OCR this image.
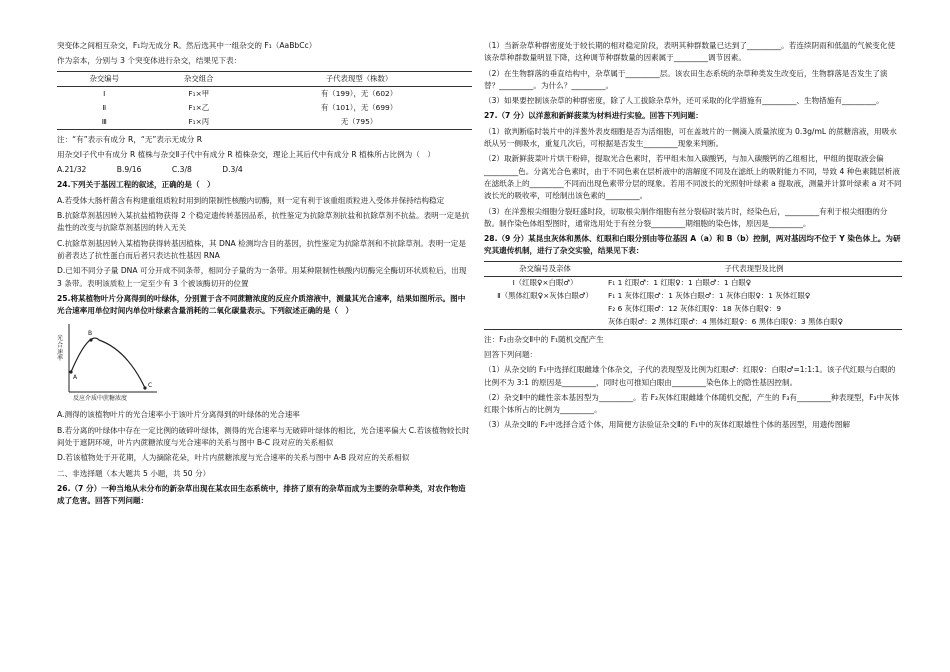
突变体之间相互杂交，F₁均无成分 R。然后选其中一组杂交的 F₁（AaBbCc）

作为亲本，分别与 3 个突变体进行杂交，结果见下表：

杂交编号	杂交组合	子代表现型（株数）
Ⅰ	F₁×甲	有（199），无（602）
Ⅱ	F₁×乙	有（101），无（699）
Ⅲ	F₁×丙	无（795）

注：“有”表示有成分 R，“无”表示无成分 R

用杂交Ⅰ子代中有成分 R 植株与杂交Ⅱ子代中有成分 R 植株杂交，理论上其后代中有成分 R 植株所占比例为（　）

A.21/32	B.9/16	C.3/8	D.3/4

24.下列关于基因工程的叙述，正确的是（　）

A.若受体大肠杆菌含有构建重组质粒时用到的限制性核酸内切酶，则一定有利于该重组质粒进入受体并保持结构稳定

B.抗除草剂基因转入某抗盐植物获得 2 个稳定遗传转基因品系，抗性鉴定为抗除草剂抗盐和抗除草剂不抗盐。表明一定是抗盐性的改变与抗除草剂基因的转入无关

C.抗除草剂基因转入某植物获得转基因植株，其 DNA 检测均含目的基因，抗性鉴定为抗除草剂和不抗除草剂。表明一定是前者表达了抗性蛋白而后者只表达抗性基因 RNA

D.已知不同分子量 DNA 可分开成不同条带，相同分子量的为一条带。用某种限制性核酸内切酶完全酶切环状质粒后，出现 3 条带。表明该质粒上一定至少有 3 个被该酶切开的位置

25.将某植物叶片分离得到的叶绿体，分别置于含不同蔗糖浓度的反应介质溶液中，测量其光合速率，结果如图所示。图中光合速率用单位时间内单位叶绿素含量消耗的二氧化碳量表示。下列叙述正确的是（　）

光合速率
反应介质中蔗糖浓度
A
B
C

A.测得的该植物叶片的光合速率小于该叶片分离得到的叶绿体的光合速率

B.若分离的叶绿体中存在一定比例的破碎叶绿体，测得的光合速率与无破碎叶绿体的相比，光合速率偏大 C.若该植物较长时间处于遮阴环境，叶片内蔗糖浓度与光合速率的关系与图中 B-C 段对应的关系相似

D.若该植物处于开花期，人为摘除花朵，叶片内蔗糖浓度与光合速率的关系与图中 A-B 段对应的关系相似

二、非选择题（本大题共 5 小题，共 50 分）

26.（7 分）一种当地从未分布的新杂草出现在某农田生态系统中，排挤了原有的杂草而成为主要的杂草种类，对农作物造成了危害。回答下列问题：

（1）当新杂草种群密度处于较长期的相对稳定阶段，表明其种群数量已达到了_________。若连续阴雨和低温的气候变化使该杂草种群数量明显下降，这种调节种群数量的因素属于_________调节因素。

（2）在生物群落的垂直结构中，杂草属于_________层。该农田生态系统的杂草种类发生改变后，生物群落是否发生了演替？_________。为什么？_________。

（3）如果要控制该杂草的种群密度，除了人工拔除杂草外，还可采取的化学措施有_________、生物措施有_________。

27.（7 分）以洋葱和新鲜菠菜为材料进行实验。回答下列问题：

（1）欲判断临时装片中的洋葱外表皮细胞是否为活细胞，可在盖玻片的一侧滴入质量浓度为 0.3g/mL 的蔗糖溶液，用吸水纸从另一侧吸水，重复几次后，可根据是否发生_________现象来判断。

（2）取新鲜菠菜叶片烘干粉碎，提取光合色素时，若甲组未加入碳酸钙，与加入碳酸钙的乙组相比，甲组的提取液会偏_________色。分离光合色素时，由于不同色素在层析液中的溶解度不同及在滤纸上的吸附能力不同，导致 4 种色素随层析液在滤纸条上的_________不同而出现色素带分层的现象。若用不同波长的光照射叶绿素 a 提取液，测量并计算叶绿素 a 对不同波长光的吸收率，可绘制出该色素的_________。

（3）在洋葱根尖细胞分裂旺盛时段，切取根尖制作细胞有丝分裂临时装片时，经染色后，_________有利于根尖细胞的分散。制作染色体组型图时，通常选用处于有丝分裂_________期细胞的染色体，原因是_________。

28.（9 分）某昆虫灰体和黑体、红眼和白眼分别由等位基因 A（a）和 B（b）控制，两对基因均不位于 Y 染色体上。为研究其遗传机制，进行了杂交实验，结果见下表：

杂交编号及亲体	子代表现型及比例
Ⅰ（红眼♀×白眼♂）	F₁ 1 红眼♂：1 红眼♀：1 白眼♂：1 白眼♀

Ⅱ（黑体红眼♀×灰体白眼♂）	F₁ 1 灰体红眼♂：1 灰体白眼♂：1 灰体白眼♀：1 灰体红眼♀
F₂ 6 灰体红眼♂：12 灰体红眼♀：18 灰体白眼♀：9
灰体白眼♂：2 黑体红眼♂：4 黑体红眼♀：6 黑体白眼♀：3 黑体白眼♀

注：F₂由杂交Ⅱ中的 F₁随机交配产生

回答下列问题：

（1）从杂交Ⅰ的 F₁中选择红眼雌雄个体杂交，子代的表现型及比例为红眼♂：红眼♀：白眼♂=1:1:1。该子代红眼与白眼的比例不为 3:1 的原因是_________，同时也可推知白眼由_________染色体上的隐性基因控制。

（2）杂交Ⅱ中的雌性亲本基因型为_________。若 F₂灰体红眼雌雄个体随机交配，产生的 F₃有_________种表现型，F₃中灰体红眼个体所占的比例为_________。

（3）从杂交Ⅱ的 F₂中选择合适个体，用简便方法验证杂交Ⅱ的 F₁中的灰体红眼雄性个体的基因型，用遗传图解
